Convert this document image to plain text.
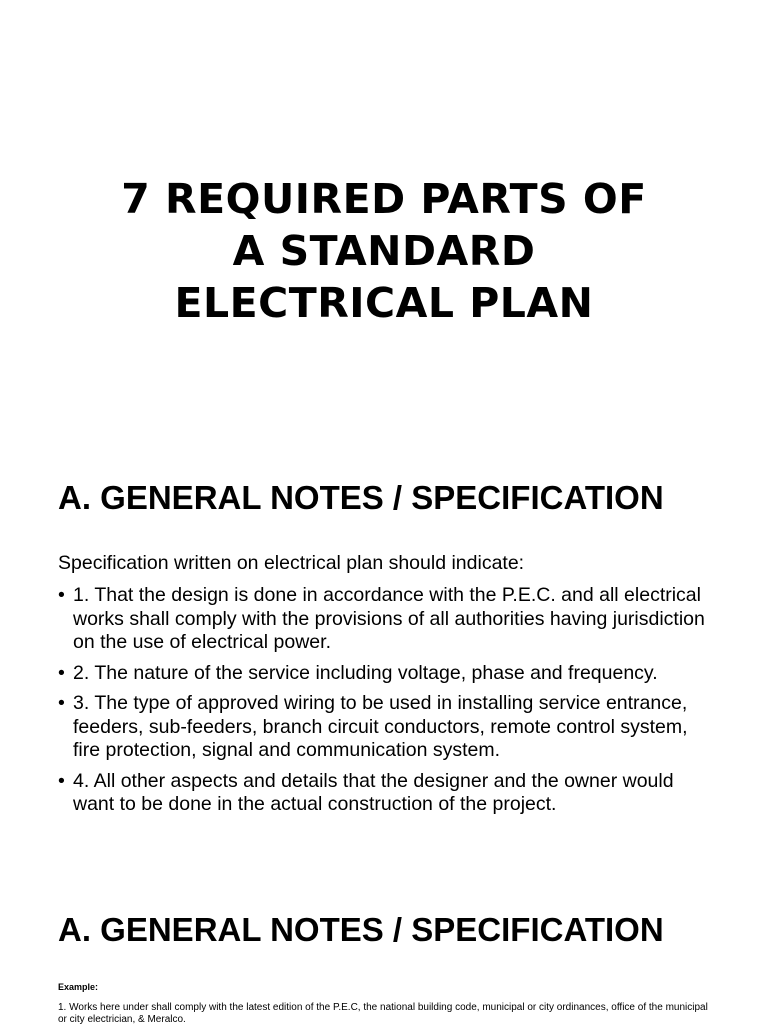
7 REQUIRED PARTS OF
A STANDARD
ELECTRICAL PLAN
A. GENERAL NOTES / SPECIFICATION

Specification written on electrical plan should indicate:

• 1. That the design is done in accordance with the P.E.C. and all electrical works shall comply with the provisions of all authorities having jurisdiction on the use of electrical power.
• 2. The nature of the service including voltage, phase and frequency.
• 3. The type of approved wiring to be used in installing service entrance, feeders, sub-feeders, branch circuit conductors, remote control system, fire protection, signal and communication system.
• 4. All other aspects and details that the designer and the owner would want to be done in the actual construction of the project.
A. GENERAL NOTES / SPECIFICATION

Example:

1. Works here under shall comply with the latest edition of the P.E.C, the national building code, municipal or city ordinances, office of the municipal or city electrician, & Meralco.
